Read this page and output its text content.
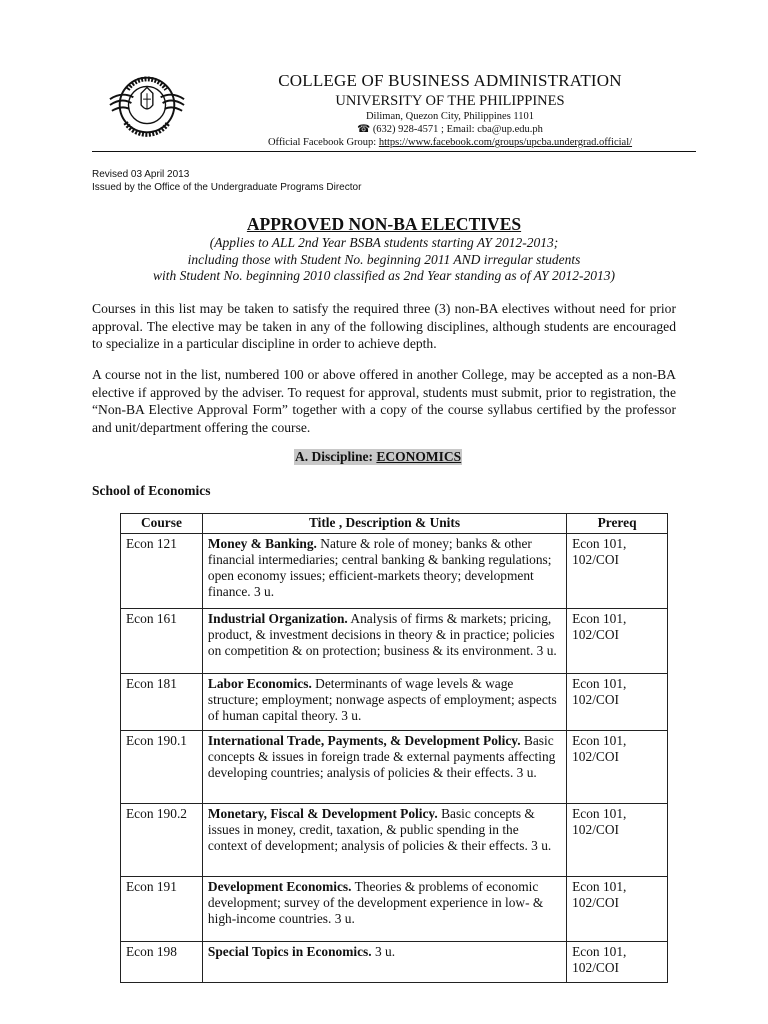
COLLEGE OF BUSINESS ADMINISTRATION
UNIVERSITY OF THE PHILIPPINES
Diliman, Quezon City, Philippines 1101
☎ (632) 928-4571 ; Email: cba@up.edu.ph
Official Facebook Group: https://www.facebook.com/groups/upcba.undergrad.official/
Revised 03 April 2013
Issued by the Office of the Undergraduate Programs Director
APPROVED NON-BA ELECTIVES
(Applies to ALL 2nd Year BSBA students starting AY 2012-2013;
including those with Student No. beginning 2011 AND irregular students
with Student No. beginning 2010 classified as 2nd Year standing as of AY 2012-2013)
Courses in this list may be taken to satisfy the required three (3) non-BA electives without need for prior approval. The elective may be taken in any of the following disciplines, although students are encouraged to specialize in a particular discipline in order to achieve depth.
A course not in the list, numbered 100 or above offered in another College, may be accepted as a non-BA elective if approved by the adviser. To request for approval, students must submit, prior to registration, the “Non-BA Elective Approval Form” together with a copy of the course syllabus certified by the professor and unit/department offering the course.
A. Discipline: ECONOMICS
School of Economics
Course	Title , Description & Units	Prereq
Econ 121	Money & Banking. Nature & role of money; banks & other financial intermediaries; central banking & banking regulations; open economy issues; efficient-markets theory; development finance. 3 u.	Econ 101, 102/COI
Econ 161	Industrial Organization. Analysis of firms & markets; pricing, product, & investment decisions in theory & in practice; policies on competition & on protection; business & its environment. 3 u.	Econ 101, 102/COI
Econ 181	Labor Economics. Determinants of wage levels & wage structure; employment; nonwage aspects of employment; aspects of human capital theory. 3 u.	Econ 101, 102/COI
Econ 190.1	International Trade, Payments, & Development Policy. Basic concepts & issues in foreign trade & external payments affecting developing countries; analysis of policies & their effects. 3 u.	Econ 101, 102/COI
Econ 190.2	Monetary, Fiscal & Development Policy. Basic concepts & issues in money, credit, taxation, & public spending in the context of development; analysis of policies & their effects. 3 u.	Econ 101, 102/COI
Econ 191	Development Economics. Theories & problems of economic development; survey of the development experience in low- & high-income countries. 3 u.	Econ 101, 102/COI
Econ 198	Special Topics in Economics. 3 u.	Econ 101, 102/COI
